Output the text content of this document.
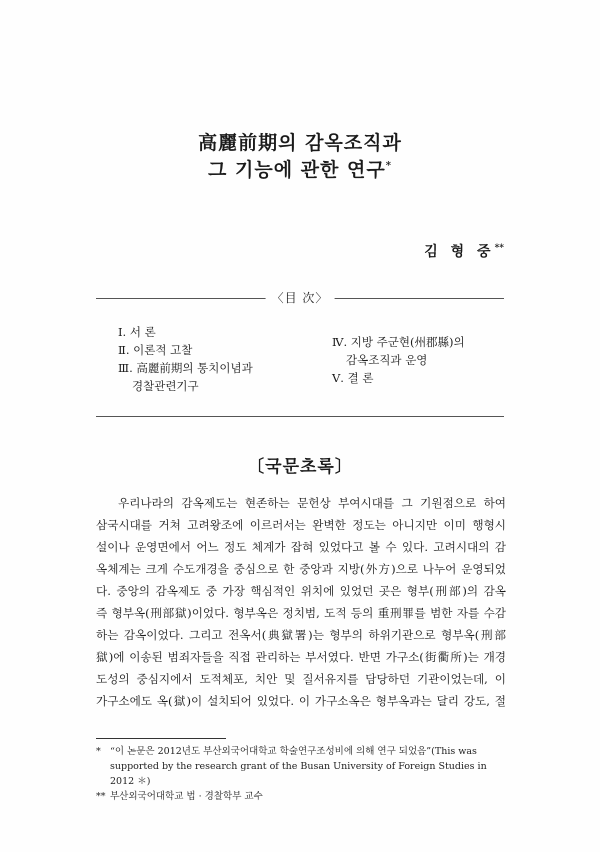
高麗前期의 감옥조직과
그 기능에 관한 연구*
김 형 중**
〈目 次〉
Ⅰ. 서 론
Ⅱ. 이론적 고찰
Ⅲ. 高麗前期의 통치이념과
경찰관련기구
Ⅳ. 지방 주군현(州郡縣)의
감옥조직과 운영
Ⅴ. 결 론
〔국문초록〕
우리나라의 감옥제도는 현존하는 문헌상 부여시대를 그 기원점으로 하여
삼국시대를 거쳐 고려왕조에 이르러서는 완벽한 정도는 아니지만 이미 행형시
설이나 운영면에서 어느 정도 체계가 잡혀 있었다고 볼 수 있다. 고려시대의 감
옥체계는 크게 수도개경을 중심으로 한 중앙과 지방(外方)으로 나누어 운영되었
다. 중앙의 감옥제도 중 가장 핵심적인 위치에 있었던 곳은 형부(刑部)의 감옥
즉 형부옥(刑部獄)이었다. 형부옥은 정치범, 도적 등의 重刑罪를 범한 자를 수감
하는 감옥이었다. 그리고 전옥서(典獄署)는 형부의 하위기관으로 형부옥(刑部
獄)에 이송된 범죄자들을 직접 관리하는 부서였다. 반면 가구소(街衢所)는 개경
도성의 중심지에서 도적체포, 치안 및 질서유지를 담당하던 기관이었는데, 이
가구소에도 옥(獄)이 설치되어 있었다. 이 가구소옥은 형부옥과는 달리 강도, 절
* “이 논문은 2012년도 부산외국어대학교 학술연구조성비에 의해 연구 되었음”(This was
supported by the research grant of the Busan University of Foreign Studies in 2012 ＊)
** 부산외국어대학교 법 · 경찰학부 교수
